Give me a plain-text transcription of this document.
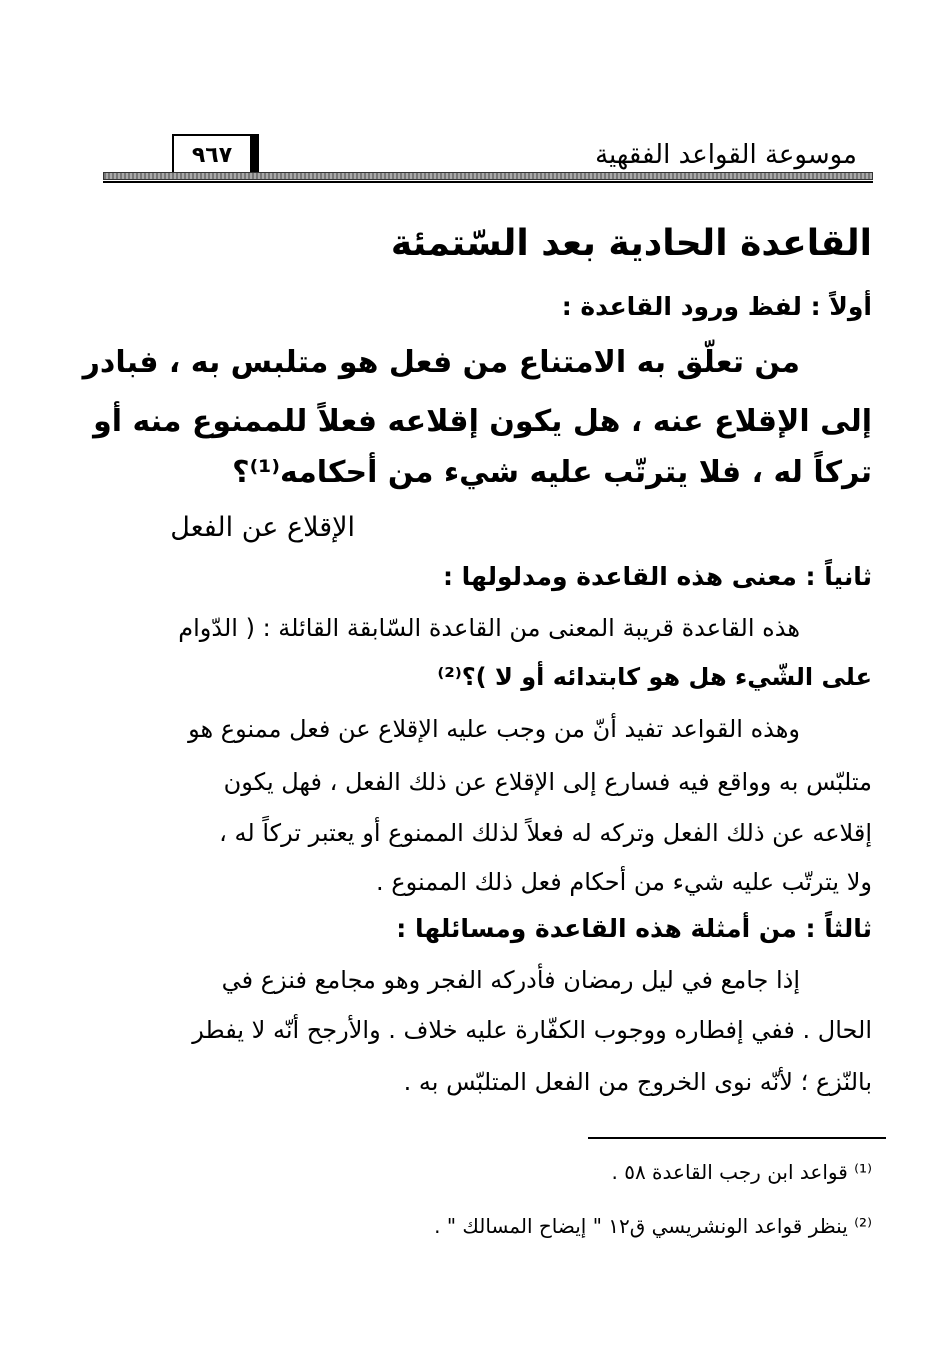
موسوعة القواعد الفقهية
٩٦٧
القاعدة الحادية بعد السّتمئة
أولاً : لفظ ورود القاعدة :
من تعلّق به الامتناع من فعل هو متلبس به ، فبادر
إلى الإقلاع عنه ، هل يكون إقلاعه فعلاً للممنوع منه أو
تركاً له ، فلا يترتّب عليه شيء من أحكامه⁽¹⁾؟
الإقلاع عن الفعل
ثانياً : معنى هذه القاعدة ومدلولها :
هذه القاعدة قريبة المعنى من القاعدة السّابقة القائلة : ( الدّوام
على الشّيء هل هو كابتدائه أو لا )؟⁽²⁾
وهذه القواعد تفيد أنّ من وجب عليه الإقلاع عن فعل ممنوع هو
متلبّس به وواقع فيه فسارع إلى الإقلاع عن ذلك الفعل ، فهل يكون
إقلاعه عن ذلك الفعل وتركه له فعلاً لذلك الممنوع أو يعتبر تركاً له ،
ولا يترتّب عليه شيء من أحكام فعل ذلك الممنوع .
ثالثاً : من أمثلة هذه القاعدة ومسائلها :
إذا جامع في ليل رمضان فأدركه الفجر وهو مجامع فنزع في
الحال . ففي إفطاره ووجوب الكفّارة عليه خلاف . والأرجح أنّه لا يفطر
بالنّزع ؛ لأنّه نوى الخروج من الفعل المتلبّس به .
⁽¹⁾ قواعد ابن رجب القاعدة ٥٨ .
⁽²⁾ ينظر قواعد الونشريسي ق١٢ " إيضاح المسالك " .
